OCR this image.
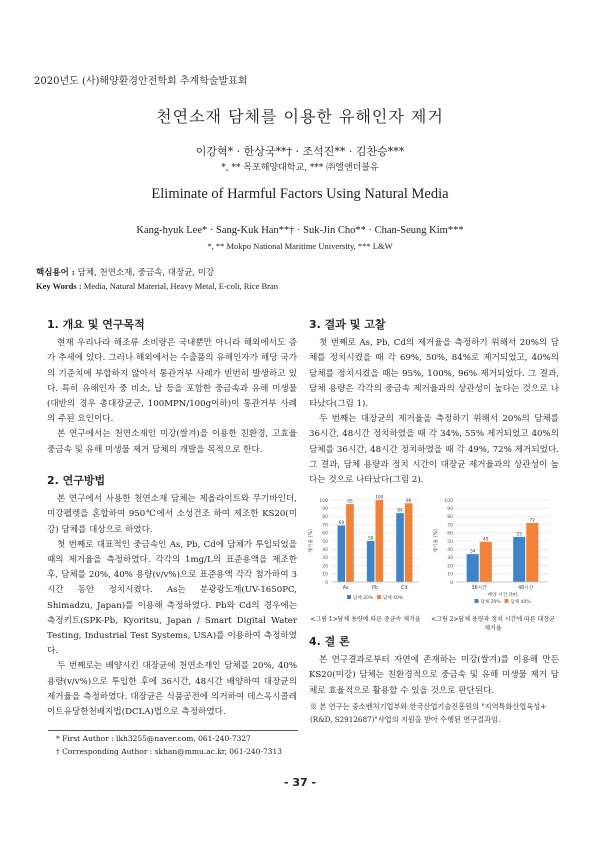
2020년도 (사)해양환경안전학회 추계학술발표회
천연소재 담체를 이용한 유해인자 제거
이강혁* · 한상국**† · 조석진** · 김찬승***
*, ** 목포해양대학교, *** ㈜엘앤더블유
Eliminate of Harmful Factors Using Natural Media
Kang-hyuk Lee* · Sang-Kuk Han**† · Suk-Jin Cho** · Chan-Seung Kim***
*, ** Mokpo National Maritime University, *** L&W
핵심용어 : 담체, 천연소재, 중금속, 대장균, 미강
Key Words : Media, Natural Material, Heavy Metal, E-coli, Rice Bran
1. 개요 및 연구목적

현재 우리나라 해조류 소비량은 국내뿐만 아니라 해외에서도 증가 추세에 있다. 그러나 해외에서는 수출품의 유해인자가 해당 국가의 기준치에 부합하지 않아서 통관거부 사례가 빈번히 발생하고 있다. 특히 유해인자 중 비소, 납 등을 포함한 중금속과 유해 미생물(대반의 경우 총대장균군, 100MPN/100g이하)이 통관거부 사례의 주된 요인이다.

본 연구에서는 천연소재인 미강(쌀겨)을 이용한 친환경, 고효율 중금속 및 유해 미생물 제거 담체의 개발을 목적으로 한다.

2. 연구방법

본 연구에서 사용한 천연소재 담체는 제올라이트와 무기바인더, 미강펠렛을 혼합하여 950℃에서 소성건조 하여 제조한 KS20(미강) 담체를 대상으로 하였다.

첫 번째로 대표적인 중금속인 As, Pb, Cd에 담체가 투입되었을 때의 제거율을 측정하였다. 각각의 1mg/L의 표준용액을 제조한 후, 담체를 20%, 40% 용량(v/v%)으로 표준용액 각각 첨가하여 3시간 동안 정치시켰다. As는 분광광도계(UV-1650PC, Shimadzu, Japan)를 이용해 측정하였다. Pb와 Cd의 경우에는 측정키트(SPK-Pb, Kyoritsu, Japan / Smart Digital Water Testing, Industrial Test Systems, USA)를 이용하여 측정하였다.

두 번째로는 배양시킨 대장균에 천연소재인 담체를 20%, 40% 용량(v/v%)으로 투입한 후에 36시간, 48시간 배양하여 대장균의 제거율을 측정하였다. 대장균은 식품공전에 의거하여 데스옥시콜레이트유당한천배지법(DCLA)법으로 측정하였다.

* First Author : lkh3255@naver.com, 061-240-7327
† Corresponding Author : skhan@mmu.ac.kr, 061-240-7313
3. 결과 및 고찰

첫 번째로 As, Pb, Cd의 제거율을 측정하기 위해서 20%의 담체를 정치시켰을 때 각 69%, 50%, 84%로 제거되었고, 40%의 담체를 정치시켰을 때는 95%, 100%, 96% 제거되었다. 그 결과, 담체 용량은 각각의 중금속 제거율과의 상관성이 높다는 것으로 나타났다(그림 1).

두 번째는 대장균의 제거율을 측정하기 위해서 20%의 담체를 36시간, 48시간 정치하였을 때 각 34%, 55% 제거되었고 40%의 담체를 36시간, 48시간 정치하였을 때 각 49%, 72% 제거되었다. 그 결과, 담체 용량과 정치 시간이 대장균 제거율과의 상관성이 높다는 것으로 나타났다(그림 2).

0
10
20
30
40
50
60
70
80
90
100
제거율 (%)
69
95
As
50
100
Pb
84
96
Cd
담체 20% 담체 40%
0
10
20
30
40
50
60
70
80
90
100
제거율 (%)	34
49
36시간
55
72
48시간
배양 시간 (hr)
담체 20% 담체 40%
<그림 1>담체 용량에 따른 중금속 제거율	<그림 2>담체 용량과 정치 시간에 따른 대장균 제거율
4. 결 론

본 연구결과로부터 자연에 존재하는 미강(쌀겨)를 이용해 만든 KS20(미강) 담체는 친환경적으로 중금속 및 유해 미생물 제거 담체로 효율적으로 활용할 수 있을 것으로 판단된다.

※ 본 연구는 중소벤처기업부와 한국산업기술진흥원의 "지역특화산업육성+(R&D, S2912687)"사업의 지원을 받아 수행된 연구결과임.
- 37 -
